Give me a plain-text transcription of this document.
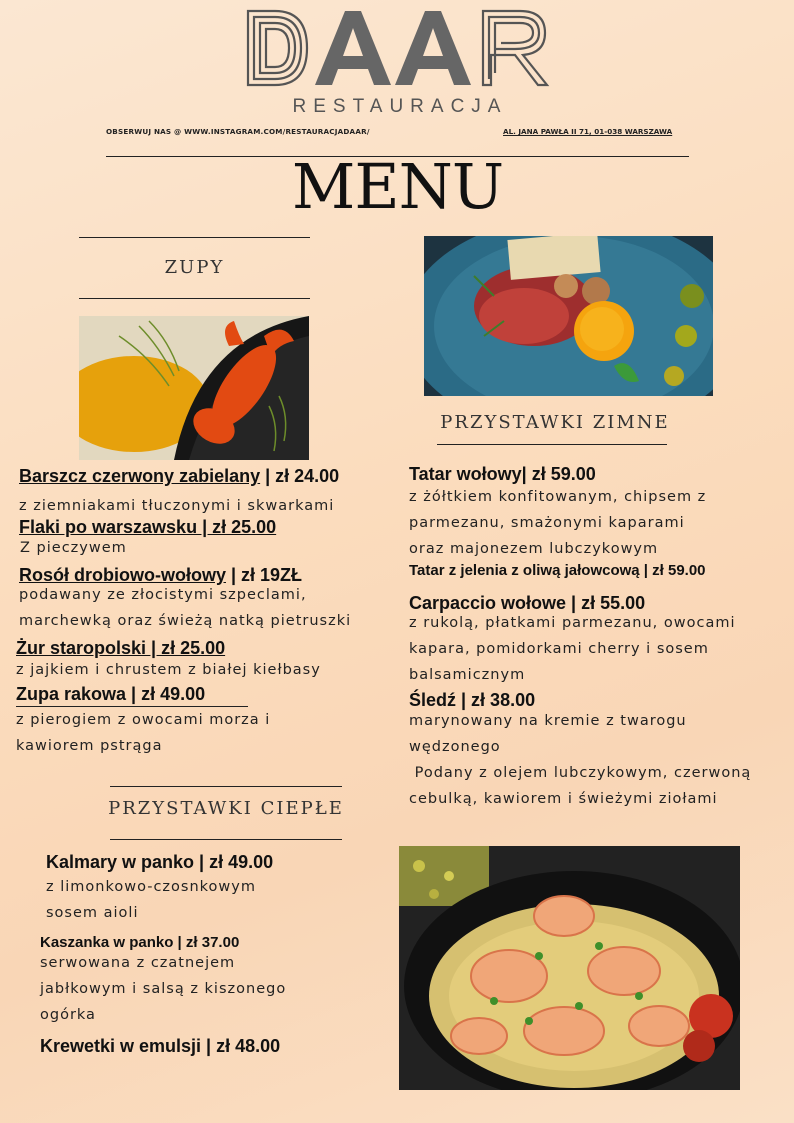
RESTAURACJA
OBSERWUJ NAS @ WWW.INSTAGRAM.COM/RESTAURACJADAAR/	AL. JANA PAWŁA II 71, 01-038 WARSZAWA
MENU
ZUPY
Barszcz czerwony zabielany | zł 24.00
z ziemniakami tłuczonymi i skwarkami
Flaki po warszawsku | zł 25.00
Z pieczywem
Rosół drobiowo-wołowy | zł 19ZŁ
podawany ze złocistymi szpeclami,
marchewką oraz świeżą natką pietruszki
Żur staropolski | zł 25.00
z jajkiem i chrustem z białej kiełbasy
Zupa rakowa | zł 49.00
z pierogiem z owocami morza i
kawiorem pstrąga
PRZYSTAWKI CIEPŁE
Kalmary w panko | zł 49.00
z limonkowo-czosnkowym
sosem aioli
Kaszanka w panko | zł 37.00
serwowana z czatnejem
jabłkowym i salsą z kiszonego
ogórka
Krewetki w emulsji | zł 48.00
PRZYSTAWKI ZIMNE
Tatar wołowy| zł 59.00
z żółtkiem konfitowanym, chipsem z
parmezanu, smażonymi kaparami
oraz majonezem lubczykowym
Tatar z jelenia z oliwą jałowcową | zł 59.00
Carpaccio wołowe | zł 55.00
z rukolą, płatkami parmezanu, owocami
kapara, pomidorkami cherry i sosem
balsamicznym
Śledź | zł 38.00
marynowany na kremie z twarogu
wędzonego
Podany z olejem lubczykowym, czerwoną
cebulką, kawiorem i świeżymi ziołami
